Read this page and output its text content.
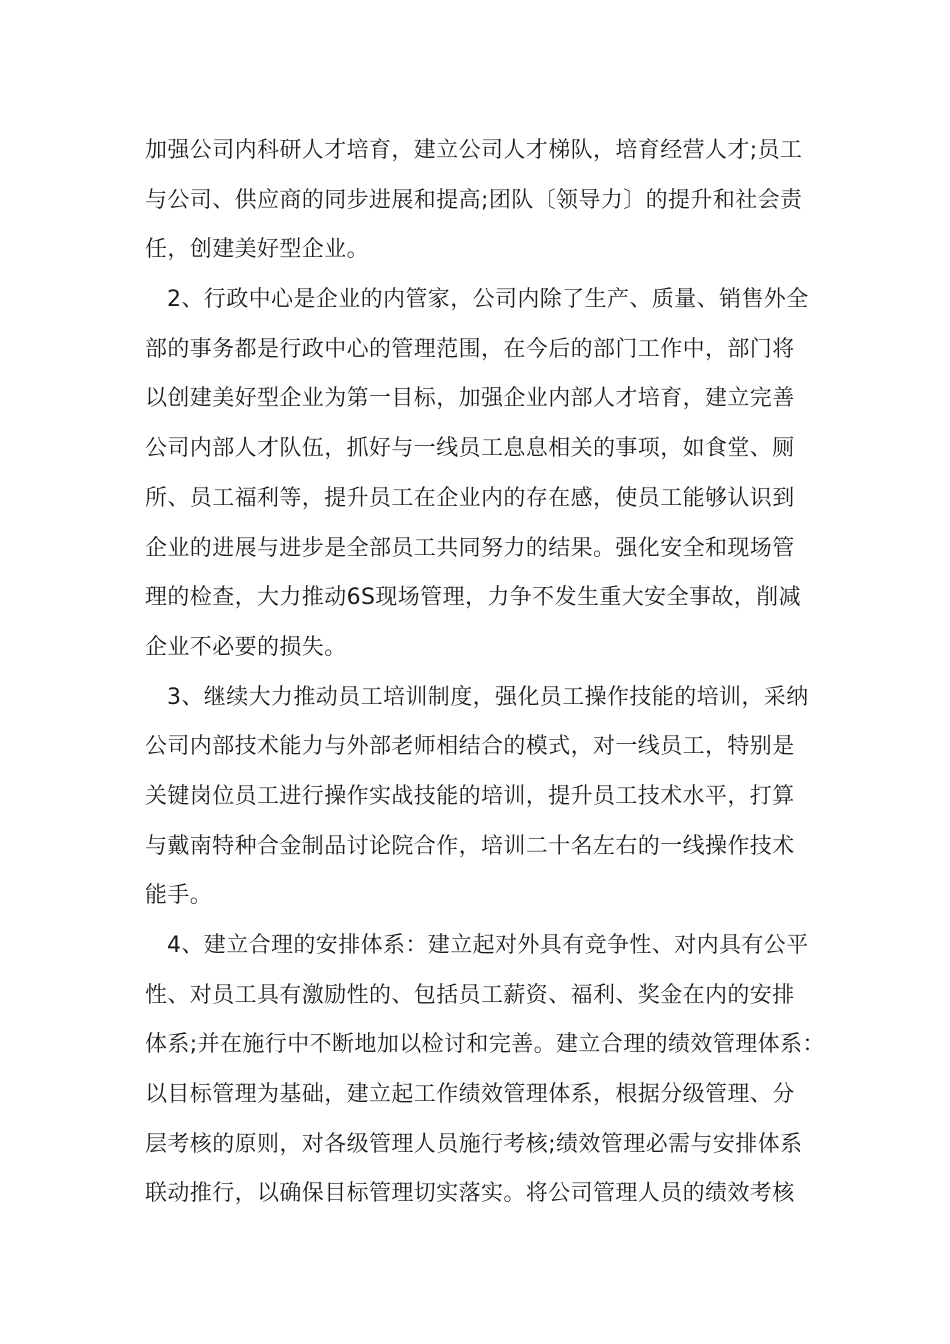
加强公司内科研人才培育，建立公司人才梯队，培育经营人才;员工
与公司、供应商的同步进展和提高;团队〔领导力〕的提升和社会责
任，创建美好型企业。
2、行政中心是企业的内管家，公司内除了生产、质量、销售外全
部的事务都是行政中心的管理范围，在今后的部门工作中，部门将
以创建美好型企业为第一目标，加强企业内部人才培育，建立完善
公司内部人才队伍，抓好与一线员工息息相关的事项，如食堂、厕
所、员工福利等，提升员工在企业内的存在感，使员工能够认识到
企业的进展与进步是全部员工共同努力的结果。强化安全和现场管
理的检查，大力推动6S现场管理，力争不发生重大安全事故，削减
企业不必要的损失。
3、继续大力推动员工培训制度，强化员工操作技能的培训，采纳
公司内部技术能力与外部老师相结合的模式，对一线员工，特别是
关键岗位员工进行操作实战技能的培训，提升员工技术水平，打算
与戴南特种合金制品讨论院合作，培训二十名左右的一线操作技术
能手。
4、建立合理的安排体系：建立起对外具有竞争性、对内具有公平
性、对员工具有激励性的、包括员工薪资、福利、奖金在内的安排
体系;并在施行中不断地加以检讨和完善。建立合理的绩效管理体系：
以目标管理为基础，建立起工作绩效管理体系，根据分级管理、分
层考核的原则，对各级管理人员施行考核;绩效管理必需与安排体系
联动推行，以确保目标管理切实落实。将公司管理人员的绩效考核
